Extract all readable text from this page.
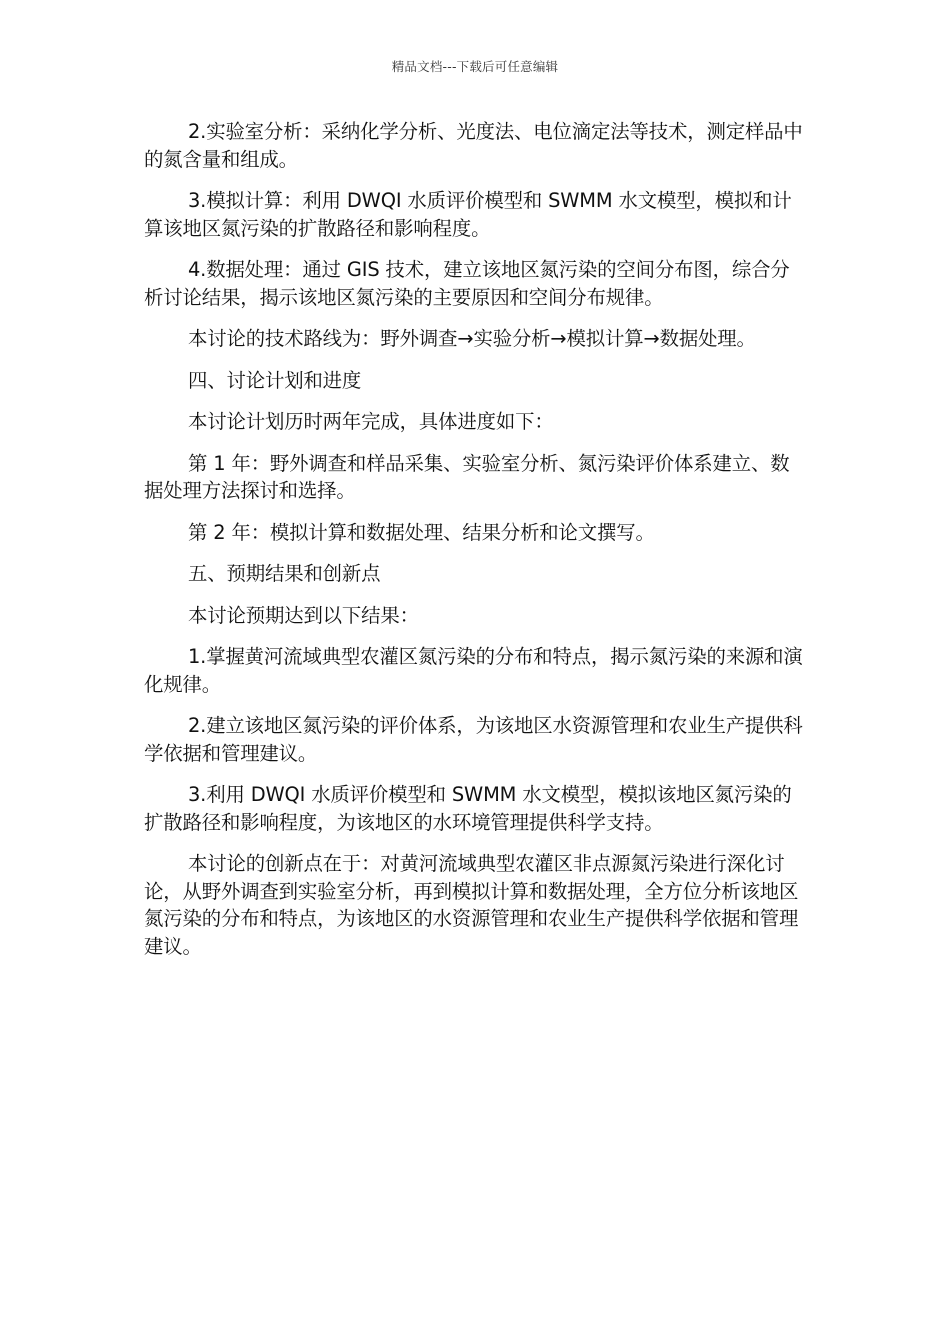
精品文档---下载后可任意编辑

2.实验室分析：采纳化学分析、光度法、电位滴定法等技术，测定样品中的氮含量和组成。

3.模拟计算：利用 DWQI 水质评价模型和 SWMM 水文模型，模拟和计算该地区氮污染的扩散路径和影响程度。

4.数据处理：通过 GIS 技术，建立该地区氮污染的空间分布图，综合分析讨论结果，揭示该地区氮污染的主要原因和空间分布规律。

本讨论的技术路线为：野外调查→实验分析→模拟计算→数据处理。

四、讨论计划和进度

本讨论计划历时两年完成，具体进度如下：

第 1 年：野外调查和样品采集、实验室分析、氮污染评价体系建立、数据处理方法探讨和选择。

第 2 年：模拟计算和数据处理、结果分析和论文撰写。

五、预期结果和创新点

本讨论预期达到以下结果：

1.掌握黄河流域典型农灌区氮污染的分布和特点，揭示氮污染的来源和演化规律。

2.建立该地区氮污染的评价体系，为该地区水资源管理和农业生产提供科学依据和管理建议。

3.利用 DWQI 水质评价模型和 SWMM 水文模型，模拟该地区氮污染的扩散路径和影响程度，为该地区的水环境管理提供科学支持。

本讨论的创新点在于：对黄河流域典型农灌区非点源氮污染进行深化讨论，从野外调查到实验室分析，再到模拟计算和数据处理，全方位分析该地区氮污染的分布和特点，为该地区的水资源管理和农业生产提供科学依据和管理建议。
